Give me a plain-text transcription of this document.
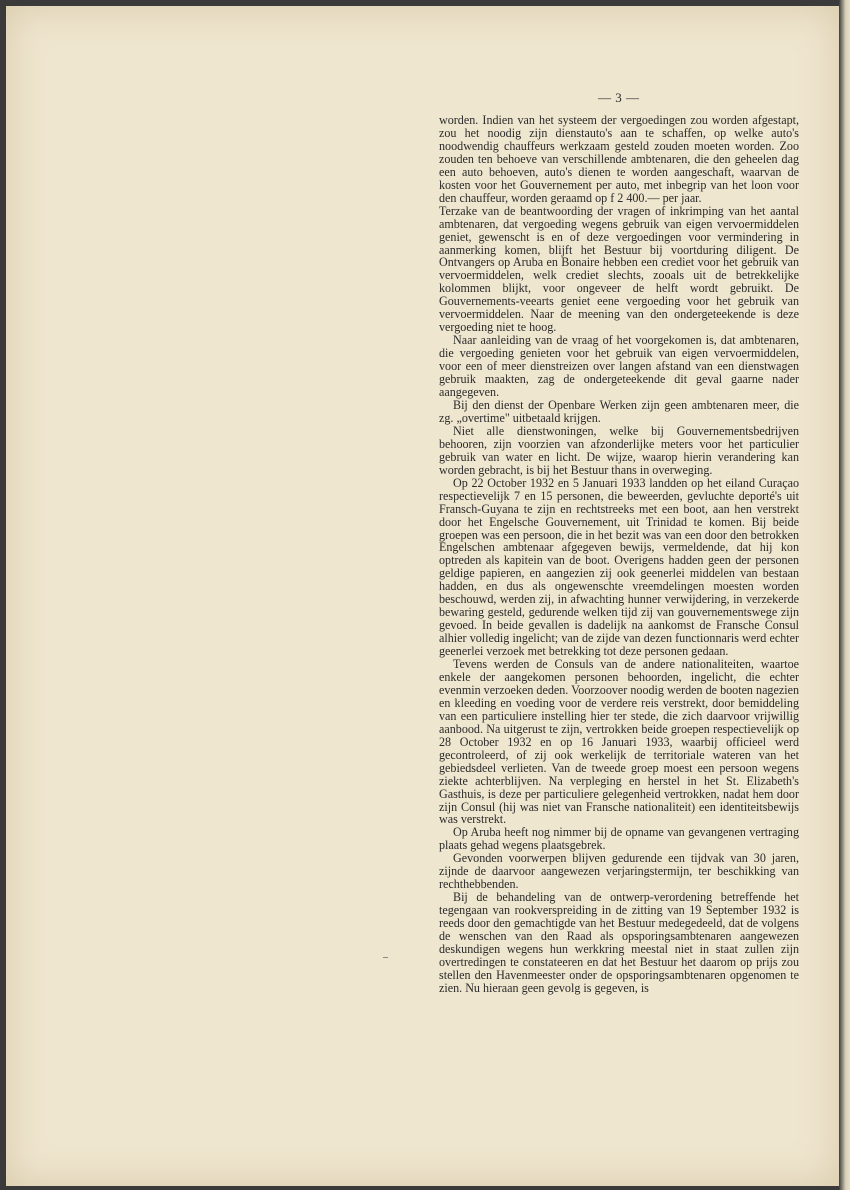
— 3 —

worden. Indien van het systeem der vergoedingen zou worden afgestapt, zou het noodig zijn dienstauto's aan te schaffen, op welke auto's noodwendig chauffeurs werkzaam gesteld zouden moeten worden. Zoo zouden ten behoeve van verschillende ambtenaren, die den geheelen dag een auto behoeven, auto's dienen te worden aangeschaft, waarvan de kosten voor het Gouvernement per auto, met inbegrip van het loon voor den chauffeur, worden geraamd op f 2 400.— per jaar.

Terzake van de beantwoording der vragen of inkrimping van het aantal ambtenaren, dat vergoeding wegens gebruik van eigen vervoermiddelen geniet, gewenscht is en of deze vergoedingen voor vermindering in aanmerking komen, blijft het Bestuur bij voortduring diligent. De Ontvangers op Aruba en Bonaire hebben een crediet voor het gebruik van vervoermiddelen, welk crediet slechts, zooals uit de betrekkelijke kolommen blijkt, voor ongeveer de helft wordt gebruikt. De Gouvernements-veearts geniet eene vergoeding voor het gebruik van vervoermiddelen. Naar de meening van den ondergeteekende is deze vergoeding niet te hoog.

Naar aanleiding van de vraag of het voorgekomen is, dat ambtenaren, die vergoeding genieten voor het gebruik van eigen vervoermiddelen, voor een of meer dienstreizen over langen afstand van een dienstwagen gebruik maakten, zag de ondergeteekende dit geval gaarne nader aangegeven.

Bij den dienst der Openbare Werken zijn geen ambtenaren meer, die zg. „overtime" uitbetaald krijgen.

Niet alle dienstwoningen, welke bij Gouvernementsbedrijven behooren, zijn voorzien van afzonderlijke meters voor het particulier gebruik van water en licht. De wijze, waarop hierin verandering kan worden gebracht, is bij het Bestuur thans in overweging.

Op 22 October 1932 en 5 Januari 1933 landden op het eiland Curaçao respectievelijk 7 en 15 personen, die beweerden, gevluchte deporté's uit Fransch-Guyana te zijn en rechtstreeks met een boot, aan hen verstrekt door het Engelsche Gouvernement, uit Trinidad te komen. Bij beide groepen was een persoon, die in het bezit was van een door den betrokken Engelschen ambtenaar afgegeven bewijs, vermeldende, dat hij kon optreden als kapitein van de boot. Overigens hadden geen der personen geldige papieren, en aangezien zij ook geenerlei middelen van bestaan hadden, en dus als ongewenschte vreemdelingen moesten worden beschouwd, werden zij, in afwachting hunner verwijdering, in verzekerde bewaring gesteld, gedurende welken tijd zij van gouvernementswege zijn gevoed. In beide gevallen is dadelijk na aankomst de Fransche Consul alhier volledig ingelicht; van de zijde van dezen functionnaris werd echter geenerlei verzoek met betrekking tot deze personen gedaan.

Tevens werden de Consuls van de andere nationaliteiten, waartoe enkele der aangekomen personen behoorden, ingelicht, die echter evenmin verzoeken deden. Voorzoover noodig werden de booten nagezien en kleeding en voeding voor de verdere reis verstrekt, door bemiddeling van een particuliere instelling hier ter stede, die zich daarvoor vrijwillig aanbood. Na uitgerust te zijn, vertrokken beide groepen respectievelijk op 28 October 1932 en op 16 Januari 1933, waarbij officieel werd gecontroleerd, of zij ook werkelijk de territoriale wateren van het gebiedsdeel verlieten. Van de tweede groep moest een persoon wegens ziekte achterblijven. Na verpleging en herstel in het St. Elizabeth's Gasthuis, is deze per particuliere gelegenheid vertrokken, nadat hem door zijn Consul (hij was niet van Fransche nationaliteit) een identiteitsbewijs was verstrekt.

Op Aruba heeft nog nimmer bij de opname van gevangenen vertraging plaats gehad wegens plaatsgebrek.

Gevonden voorwerpen blijven gedurende een tijdvak van 30 jaren, zijnde de daarvoor aangewezen verjaringstermijn, ter beschikking van rechthebbenden.

Bij de behandeling van de ontwerp-verordening betreffende het tegengaan van rookverspreiding in de zitting van 19 September 1932 is reeds door den gemachtigde van het Bestuur medegedeeld, dat de volgens de wenschen van den Raad als opsporingsambtenaren aangewezen deskundigen wegens hun werkkring meestal niet in staat zullen zijn overtredingen te constateeren en dat het Bestuur het daarom op prijs zou stellen den Havenmeester onder de opsporingsambtenaren opgenomen te zien. Nu hieraan geen gevolg is gegeven, is
